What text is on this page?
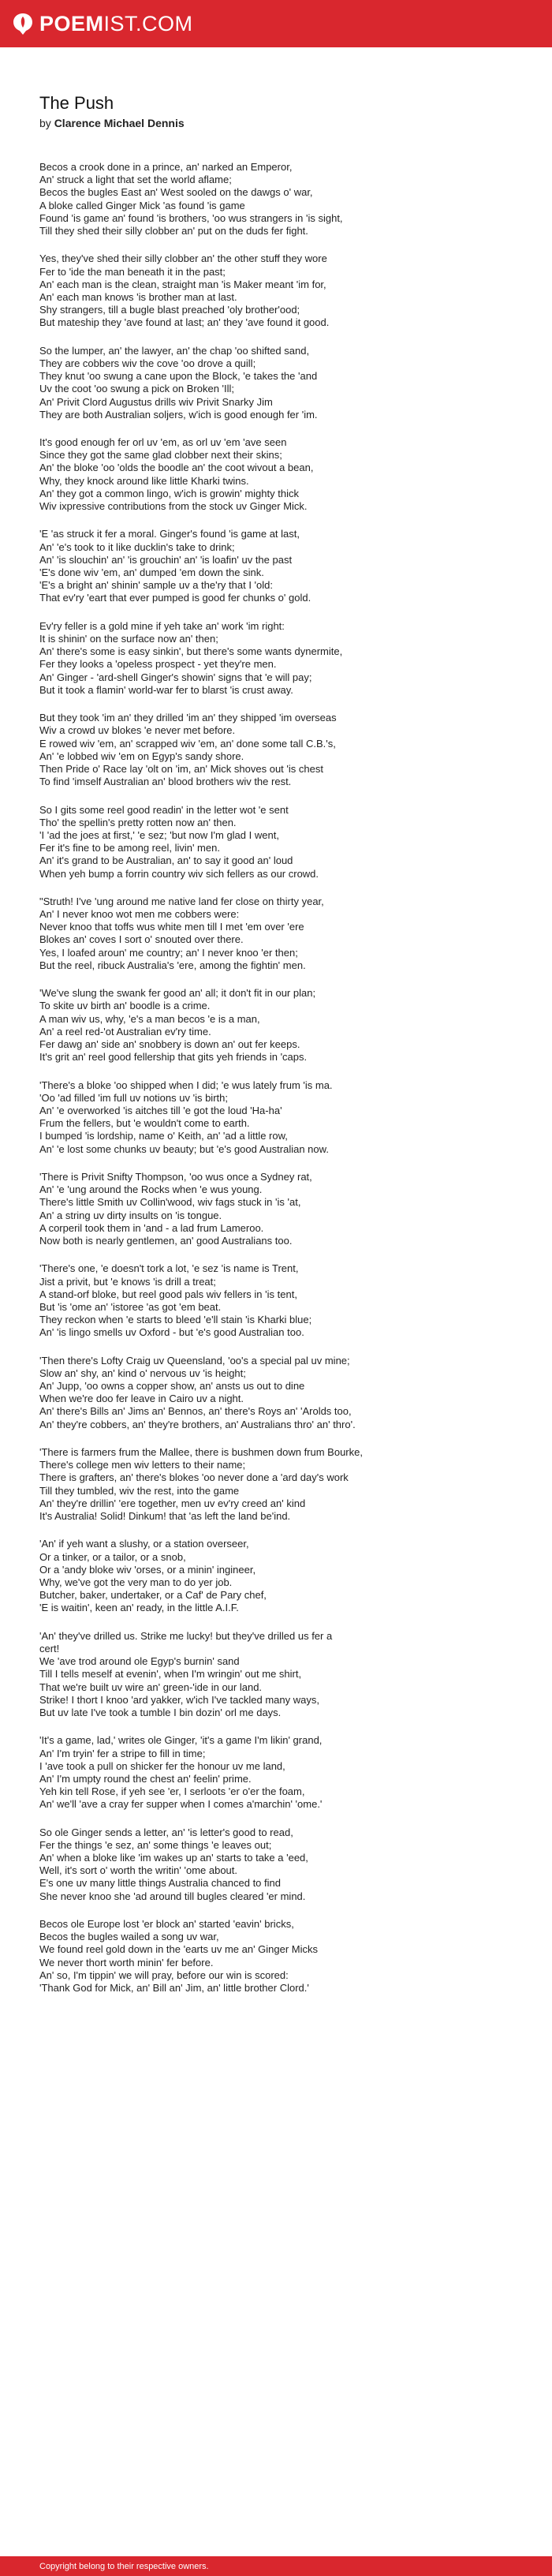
POEMIST.COM
The Push
by Clarence Michael Dennis
Becos a crook done in a prince, an' narked an Emperor,
An' struck a light that set the world aflame;
Becos the bugles East an' West sooled on the dawgs o' war,
A bloke called Ginger Mick 'as found 'is game
Found 'is game an' found 'is brothers, 'oo wus strangers in 'is sight,
Till they shed their silly clobber an' put on the duds fer fight.
Yes, they've shed their silly clobber an' the other stuff they wore
Fer to 'ide the man beneath it in the past;
An' each man is the clean, straight man 'is Maker meant 'im for,
An' each man knows 'is brother man at last.
Shy strangers, till a bugle blast preached 'oly brother'ood;
But mateship they 'ave found at last; an' they 'ave found it good.
So the lumper, an' the lawyer, an' the chap 'oo shifted sand,
They are cobbers wiv the cove 'oo drove a quill;
They knut 'oo swung a cane upon the Block, 'e takes the 'and
Uv the coot 'oo swung a pick on Broken 'Ill;
An' Privit Clord Augustus drills wiv Privit Snarky Jim
They are both Australian soljers, w'ich is good enough fer 'im.
It's good enough fer orl uv 'em, as orl uv 'em 'ave seen
Since they got the same glad clobber next their skins;
An' the bloke 'oo 'olds the boodle an' the coot wivout a bean,
Why, they knock around like little Kharki twins.
An' they got a common lingo, w'ich is growin' mighty thick
Wiv ixpressive contributions from the stock uv Ginger Mick.
'E 'as struck it fer a moral. Ginger's found 'is game at last,
An' 'e's took to it like ducklin's take to drink;
An' 'is slouchin' an' 'is grouchin' an' 'is loafin' uv the past
'E's done wiv 'em, an' dumped 'em down the sink.
'E's a bright an' shinin' sample uv a the'ry that I 'old:
That ev'ry 'eart that ever pumped is good fer chunks o' gold.
Ev'ry feller is a gold mine if yeh take an' work 'im right:
It is shinin' on the surface now an' then;
An' there's some is easy sinkin', but there's some wants dynermite,
Fer they looks a 'opeless prospect - yet they're men.
An' Ginger - 'ard-shell Ginger's showin' signs that 'e will pay;
But it took a flamin' world-war fer to blarst 'is crust away.
But they took 'im an' they drilled 'im an' they shipped 'im overseas
Wiv a crowd uv blokes 'e never met before.
E rowed wiv 'em, an' scrapped wiv 'em, an' done some tall C.B.'s,
An' 'e lobbed wiv 'em on Egyp's sandy shore.
Then Pride o' Race lay 'olt on 'im, an' Mick shoves out 'is chest
To find 'imself Australian an' blood brothers wiv the rest.
So I gits some reel good readin' in the letter wot 'e sent
Tho' the spellin's pretty rotten now an' then.
'I 'ad the joes at first,' 'e sez; 'but now I'm glad I went,
Fer it's fine to be among reel, livin' men.
An' it's grand to be Australian, an' to say it good an' loud
When yeh bump a forrin country wiv sich fellers as our crowd.
"Struth! I've 'ung around me native land fer close on thirty year,
An' I never knoo wot men me cobbers were:
Never knoo that toffs wus white men till I met 'em over 'ere
Blokes an' coves I sort o' snouted over there.
Yes, I loafed aroun' me country; an' I never knoo 'er then;
But the reel, ribuck Australia's 'ere, among the fightin' men.
'We've slung the swank fer good an' all; it don't fit in our plan;
To skite uv birth an' boodle is a crime.
A man wiv us, why, 'e's a man becos 'e is a man,
An' a reel red-'ot Australian ev'ry time.
Fer dawg an' side an' snobbery is down an' out fer keeps.
It's grit an' reel good fellership that gits yeh friends in 'caps.
'There's a bloke 'oo shipped when I did; 'e wus lately frum 'is ma.
'Oo 'ad filled 'im full uv notions uv 'is birth;
An' 'e overworked 'is aitches till 'e got the loud 'Ha-ha'
Frum the fellers, but 'e wouldn't come to earth.
I bumped 'is lordship, name o' Keith, an' 'ad a little row,
An' 'e lost some chunks uv beauty; but 'e's good Australian now.
'There is Privit Snifty Thompson, 'oo wus once a Sydney rat,
An' 'e 'ung around the Rocks when 'e wus young.
There's little Smith uv Collin'wood, wiv fags stuck in 'is 'at,
An' a string uv dirty insults on 'is tongue.
A corperil took them in 'and - a lad frum Lameroo.
Now both is nearly gentlemen, an' good Australians too.
'There's one, 'e doesn't tork a lot, 'e sez 'is name is Trent,
Jist a privit, but 'e knows 'is drill a treat;
A stand-orf bloke, but reel good pals wiv fellers in 'is tent,
But 'is 'ome an' 'istoree 'as got 'em beat.
They reckon when 'e starts to bleed 'e'll stain 'is Kharki blue;
An' 'is lingo smells uv Oxford - but 'e's good Australian too.
'Then there's Lofty Craig uv Queensland, 'oo's a special pal uv mine;
Slow an' shy, an' kind o' nervous uv 'is height;
An' Jupp, 'oo owns a copper show, an' ansts us out to dine
When we're doo fer leave in Cairo uv a night.
An' there's Bills an' Jims an' Bennos, an' there's Roys an' 'Arolds too,
An' they're cobbers, an' they're brothers, an' Australians thro' an' thro'.
'There is farmers frum the Mallee, there is bushmen down frum Bourke,
There's college men wiv letters to their name;
There is grafters, an' there's blokes 'oo never done a 'ard day's work
Till they tumbled, wiv the rest, into the game
An' they're drillin' 'ere together, men uv ev'ry creed an' kind
It's Australia! Solid! Dinkum! that 'as left the land be'ind.
'An' if yeh want a slushy, or a station overseer,
Or a tinker, or a tailor, or a snob,
Or a 'andy bloke wiv 'orses, or a minin' ingineer,
Why, we've got the very man to do yer job.
Butcher, baker, undertaker, or a Caf' de Pary chef,
'E is waitin', keen an' ready, in the little A.I.F.
'An' they've drilled us. Strike me lucky! but they've drilled us fer a
cert!
We 'ave trod around ole Egyp's burnin' sand
Till I tells meself at evenin', when I'm wringin' out me shirt,
That we're built uv wire an' green-'ide in our land.
Strike! I thort I knoo 'ard yakker, w'ich I've tackled many ways,
But uv late I've took a tumble I bin dozin' orl me days.
'It's a game, lad,' writes ole Ginger, 'it's a game I'm likin' grand,
An' I'm tryin' fer a stripe to fill in time;
I 'ave took a pull on shicker fer the honour uv me land,
An' I'm umpty round the chest an' feelin' prime.
Yeh kin tell Rose, if yeh see 'er, I serloots 'er o'er the foam,
An' we'll 'ave a cray fer supper when I comes a'marchin' 'ome.'
So ole Ginger sends a letter, an' 'is letter's good to read,
Fer the things 'e sez, an' some things 'e leaves out;
An' when a bloke like 'im wakes up an' starts to take a 'eed,
Well, it's sort o' worth the writin' 'ome about.
E's one uv many little things Australia chanced to find
She never knoo she 'ad around till bugles cleared 'er mind.
Becos ole Europe lost 'er block an' started 'eavin' bricks,
Becos the bugles wailed a song uv war,
We found reel gold down in the 'earts uv me an' Ginger Micks
We never thort worth minin' fer before.
An' so, I'm tippin' we will pray, before our win is scored:
'Thank God for Mick, an' Bill an' Jim, an' little brother Clord.'
Copyright belong to their respective owners.
